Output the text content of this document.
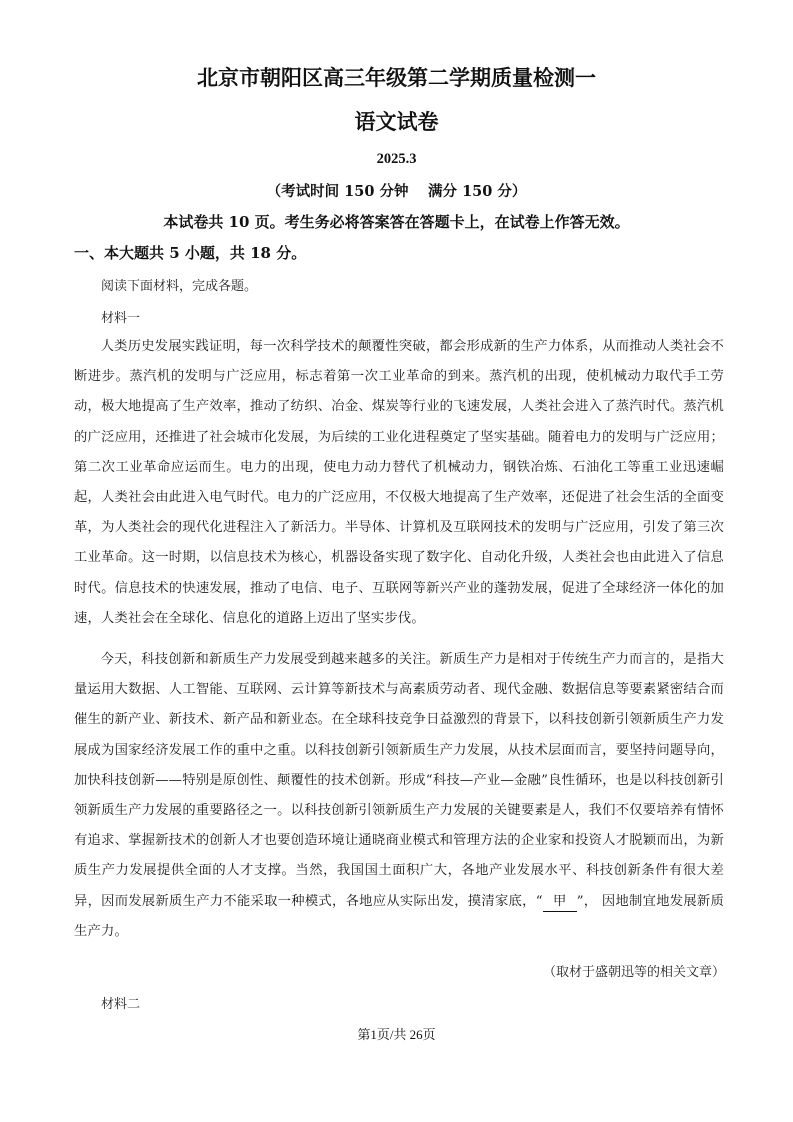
北京市朝阳区高三年级第二学期质量检测一
语文试卷

2025.3

（考试时间 150 分钟　 满分 150 分）

本试卷共 10 页。考生务必将答案答在答题卡上，在试卷上作答无效。

一、本大题共 5 小题，共 18 分。

阅读下面材料，完成各题。

材料一

人类历史发展实践证明，每一次科学技术的颠覆性突破，都会形成新的生产力体系，从而推动人类社会不断进步。蒸汽机的发明与广泛应用，标志着第一次工业革命的到来。蒸汽机的出现，使机械动力取代手工劳动，极大地提高了生产效率，推动了纺织、冶金、煤炭等行业的飞速发展，人类社会进入了蒸汽时代。蒸汽机的广泛应用，还推进了社会城市化发展，为后续的工业化进程奠定了坚实基础。随着电力的发明与广泛应用；第二次工业革命应运而生。电力的出现，使电力动力替代了机械动力，钢铁冶炼、石油化工等重工业迅速崛起，人类社会由此进入电气时代。电力的广泛应用，不仅极大地提高了生产效率，还促进了社会生活的全面变革，为人类社会的现代化进程注入了新活力。半导体、计算机及互联网技术的发明与广泛应用，引发了第三次工业革命。这一时期，以信息技术为核心，机器设备实现了数字化、自动化升级，人类社会也由此进入了信息时代。信息技术的快速发展，推动了电信、电子、互联网等新兴产业的蓬勃发展，促进了全球经济一体化的加速，人类社会在全球化、信息化的道路上迈出了坚实步伐。

今天，科技创新和新质生产力发展受到越来越多的关注。新质生产力是相对于传统生产力而言的，是指大量运用大数据、人工智能、互联网、云计算等新技术与高素质劳动者、现代金融、数据信息等要素紧密结合而催生的新产业、新技术、新产品和新业态。在全球科技竞争日益激烈的背景下，以科技创新引领新质生产力发展成为国家经济发展工作的重中之重。以科技创新引领新质生产力发展，从技术层面而言，要坚持问题导向，加快科技创新——特别是原创性、颠覆性的技术创新。形成“科技—产业—金融”良性循环，也是以科技创新引领新质生产力发展的重要路径之一。以科技创新引领新质生产力发展的关键要素是人，我们不仅要培养有情怀有追求、掌握新技术的创新人才也要创造环境让通晓商业模式和管理方法的企业家和投资人才脱颖而出，为新质生产力发展提供全面的人才支撑。当然，我国国土面积广大，各地产业发展水平、科技创新条件有很大差异，因而发展新质生产力不能采取一种模式，各地应从实际出发，摸清家底，“ 甲 ”， 因地制宜地发展新质生产力。

（取材于盛朝迅等的相关文章）

材料二

第1页/共 26页
